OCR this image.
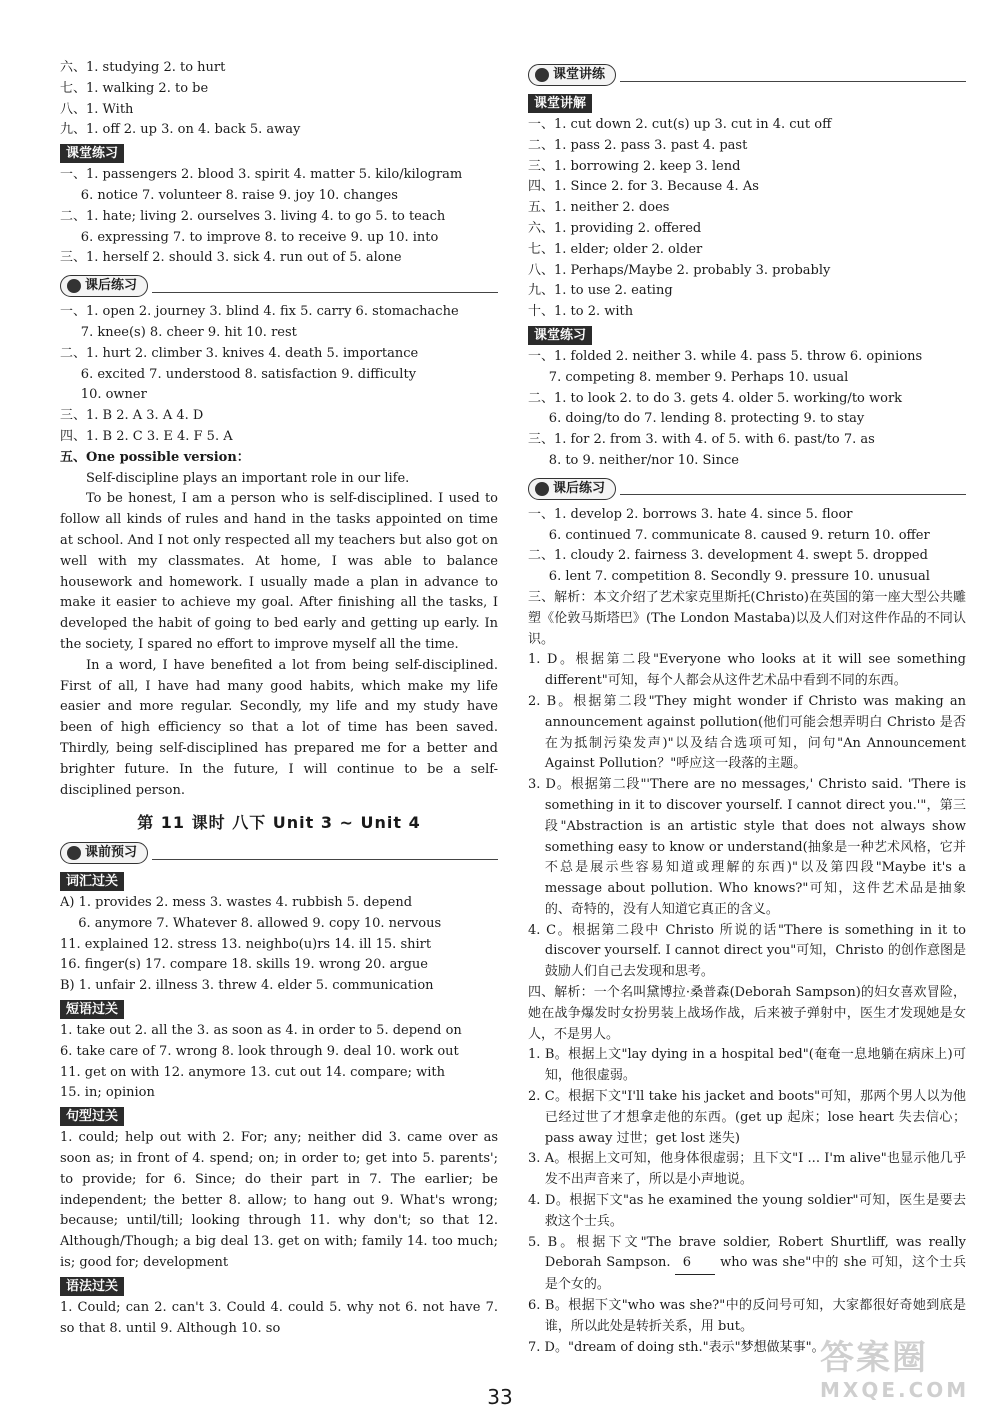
六、1. studying 2. to hurt
七、1. walking 2. to be
八、1. With
九、1. off 2. up 3. on 4. back 5. away
课堂练习
一、1. passengers 2. blood 3. spirit 4. matter 5. kilo/kilogram
6. notice 7. volunteer 8. raise 9. joy 10. changes
二、1. hate; living 2. ourselves 3. living 4. to go 5. to teach
6. expressing 7. to improve 8. to receive 9. up 10. into
三、1. herself 2. should 3. sick 4. run out of 5. alone
课后练习
一、1. open 2. journey 3. blind 4. fix 5. carry 6. stomachache
7. knee(s) 8. cheer 9. hit 10. rest
二、1. hurt 2. climber 3. knives 4. death 5. importance
6. excited 7. understood 8. satisfaction 9. difficulty
10. owner
三、1. B 2. A 3. A 4. D
四、1. B 2. C 3. E 4. F 5. A
五、One possible version：
Self-discipline plays an important role in our life.
To be honest, I am a person who is self-disciplined. I used to follow all kinds of rules and hand in the tasks appointed on time at school. And I not only respected all my teachers but also got on well with my classmates. At home, I was able to balance housework and homework. I usually made a plan in advance to make it easier to achieve my goal. After finishing all the tasks, I developed the habit of going to bed early and getting up early. In the society, I spared no effort to improve myself all the time.
In a word, I have benefited a lot from being self-disciplined. First of all, I have had many good habits, which make my life easier and more regular. Secondly, my life and my study have been of high efficiency so that a lot of time has been saved. Thirdly, being self-disciplined has prepared me for a better and brighter future. In the future, I will continue to be a self-disciplined person.
第 11 课时 八下 Unit 3 ~ Unit 4
课前预习
词汇过关
A) 1. provides 2. mess 3. wastes 4. rubbish 5. depend
6. anymore 7. Whatever 8. allowed 9. copy 10. nervous
11. explained 12. stress 13. neighbo(u)rs 14. ill 15. shirt
16. finger(s) 17. compare 18. skills 19. wrong 20. argue
B) 1. unfair 2. illness 3. threw 4. elder 5. communication
短语过关
1. take out 2. all the 3. as soon as 4. in order to 5. depend on
6. take care of 7. wrong 8. look through 9. deal 10. work out
11. get on with 12. anymore 13. cut out 14. compare; with
15. in; opinion
句型过关
1. could; help out with 2. For; any; neither did 3. came over as soon as; in front of 4. spend; on; in order to; get into 5. parents'; to provide; for 6. Since; do their part in 7. The earlier; be independent; the better 8. allow; to hang out 9. What's wrong; because; until/till; looking through 11. why don't; so that 12. Although/Though; a big deal 13. get on with; family 14. too much; is; good for; development
语法过关
1. Could; can 2. can't 3. Could 4. could 5. why not 6. not have 7. so that 8. until 9. Although 10. so
课堂讲练
课堂讲解
一、1. cut down 2. cut(s) up 3. cut in 4. cut off
二、1. pass 2. pass 3. past 4. past
三、1. borrowing 2. keep 3. lend
四、1. Since 2. for 3. Because 4. As
五、1. neither 2. does
六、1. providing 2. offered
七、1. elder; older 2. older
八、1. Perhaps/Maybe 2. probably 3. probably
九、1. to use 2. eating
十、1. to 2. with
课堂练习
一、1. folded 2. neither 3. while 4. pass 5. throw 6. opinions
7. competing 8. member 9. Perhaps 10. usual
二、1. to look 2. to do 3. gets 4. older 5. working/to work
6. doing/to do 7. lending 8. protecting 9. to stay
三、1. for 2. from 3. with 4. of 5. with 6. past/to 7. as
8. to 9. neither/nor 10. Since
课后练习
一、1. develop 2. borrows 3. hate 4. since 5. floor
6. continued 7. communicate 8. caused 9. return 10. offer
二、1. cloudy 2. fairness 3. development 4. swept 5. dropped
6. lent 7. competition 8. Secondly 9. pressure 10. unusual
三、解析：本文介绍了艺术家克里斯托(Christo)在英国的第一座大型公共雕塑《伦敦马斯塔巴》(The London Mastaba)以及人们对这件作品的不同认识。
1. D。根据第二段"Everyone who looks at it will see something different"可知，每个人都会从这件艺术品中看到不同的东西。
2. B。根据第二段"They might wonder if Christo was making an announcement against pollution(他们可能会想弄明白 Christo 是否在为抵制污染发声)"以及结合选项可知，问句"An Announcement Against Pollution？"呼应这一段落的主题。
3. D。根据第二段"'There are no messages,' Christo said. 'There is something in it to discover yourself. I cannot direct you.'"，第三段"Abstraction is an artistic style that does not always show something easy to know or understand(抽象是一种艺术风格，它并不总是展示些容易知道或理解的东西)"以及第四段"Maybe it's a message about pollution. Who knows?"可知，这件艺术品是抽象的、奇特的，没有人知道它真正的含义。
4. C。根据第二段中 Christo 所说的话"There is something in it to discover yourself. I cannot direct you"可知，Christo 的创作意图是鼓励人们自己去发现和思考。
四、解析：一个名叫黛博拉·桑普森(Deborah Sampson)的妇女喜欢冒险，她在战争爆发时女扮男装上战场作战，后来被子弹射中，医生才发现她是女人，不是男人。
1. B。根据上文"lay dying in a hospital bed"(奄奄一息地躺在病床上)可知，他很虚弱。
2. C。根据下文"I'll take his jacket and boots"可知，那两个男人以为他已经过世了才想拿走他的东西。(get up 起床；lose heart 失去信心；pass away 过世；get lost 迷失)
3. A。根据上文可知，他身体很虚弱；且下文"I ... I'm alive"也显示他几乎发不出声音来了，所以是小声地说。
4. D。根据下文"as he examined the young soldier"可知，医生是要去救这个士兵。
5. B。根据下文"The brave soldier, Robert Shurtliff, was really Deborah Sampson. 6 who was she"中的 she 可知，这个士兵是个女的。
6. B。根据下文"who was she?"中的反问号可知，大家都很好奇她到底是谁，所以此处是转折关系，用 but。
7. D。"dream of doing sth."表示"梦想做某事"。
33
答案圈
MXQE.COM
